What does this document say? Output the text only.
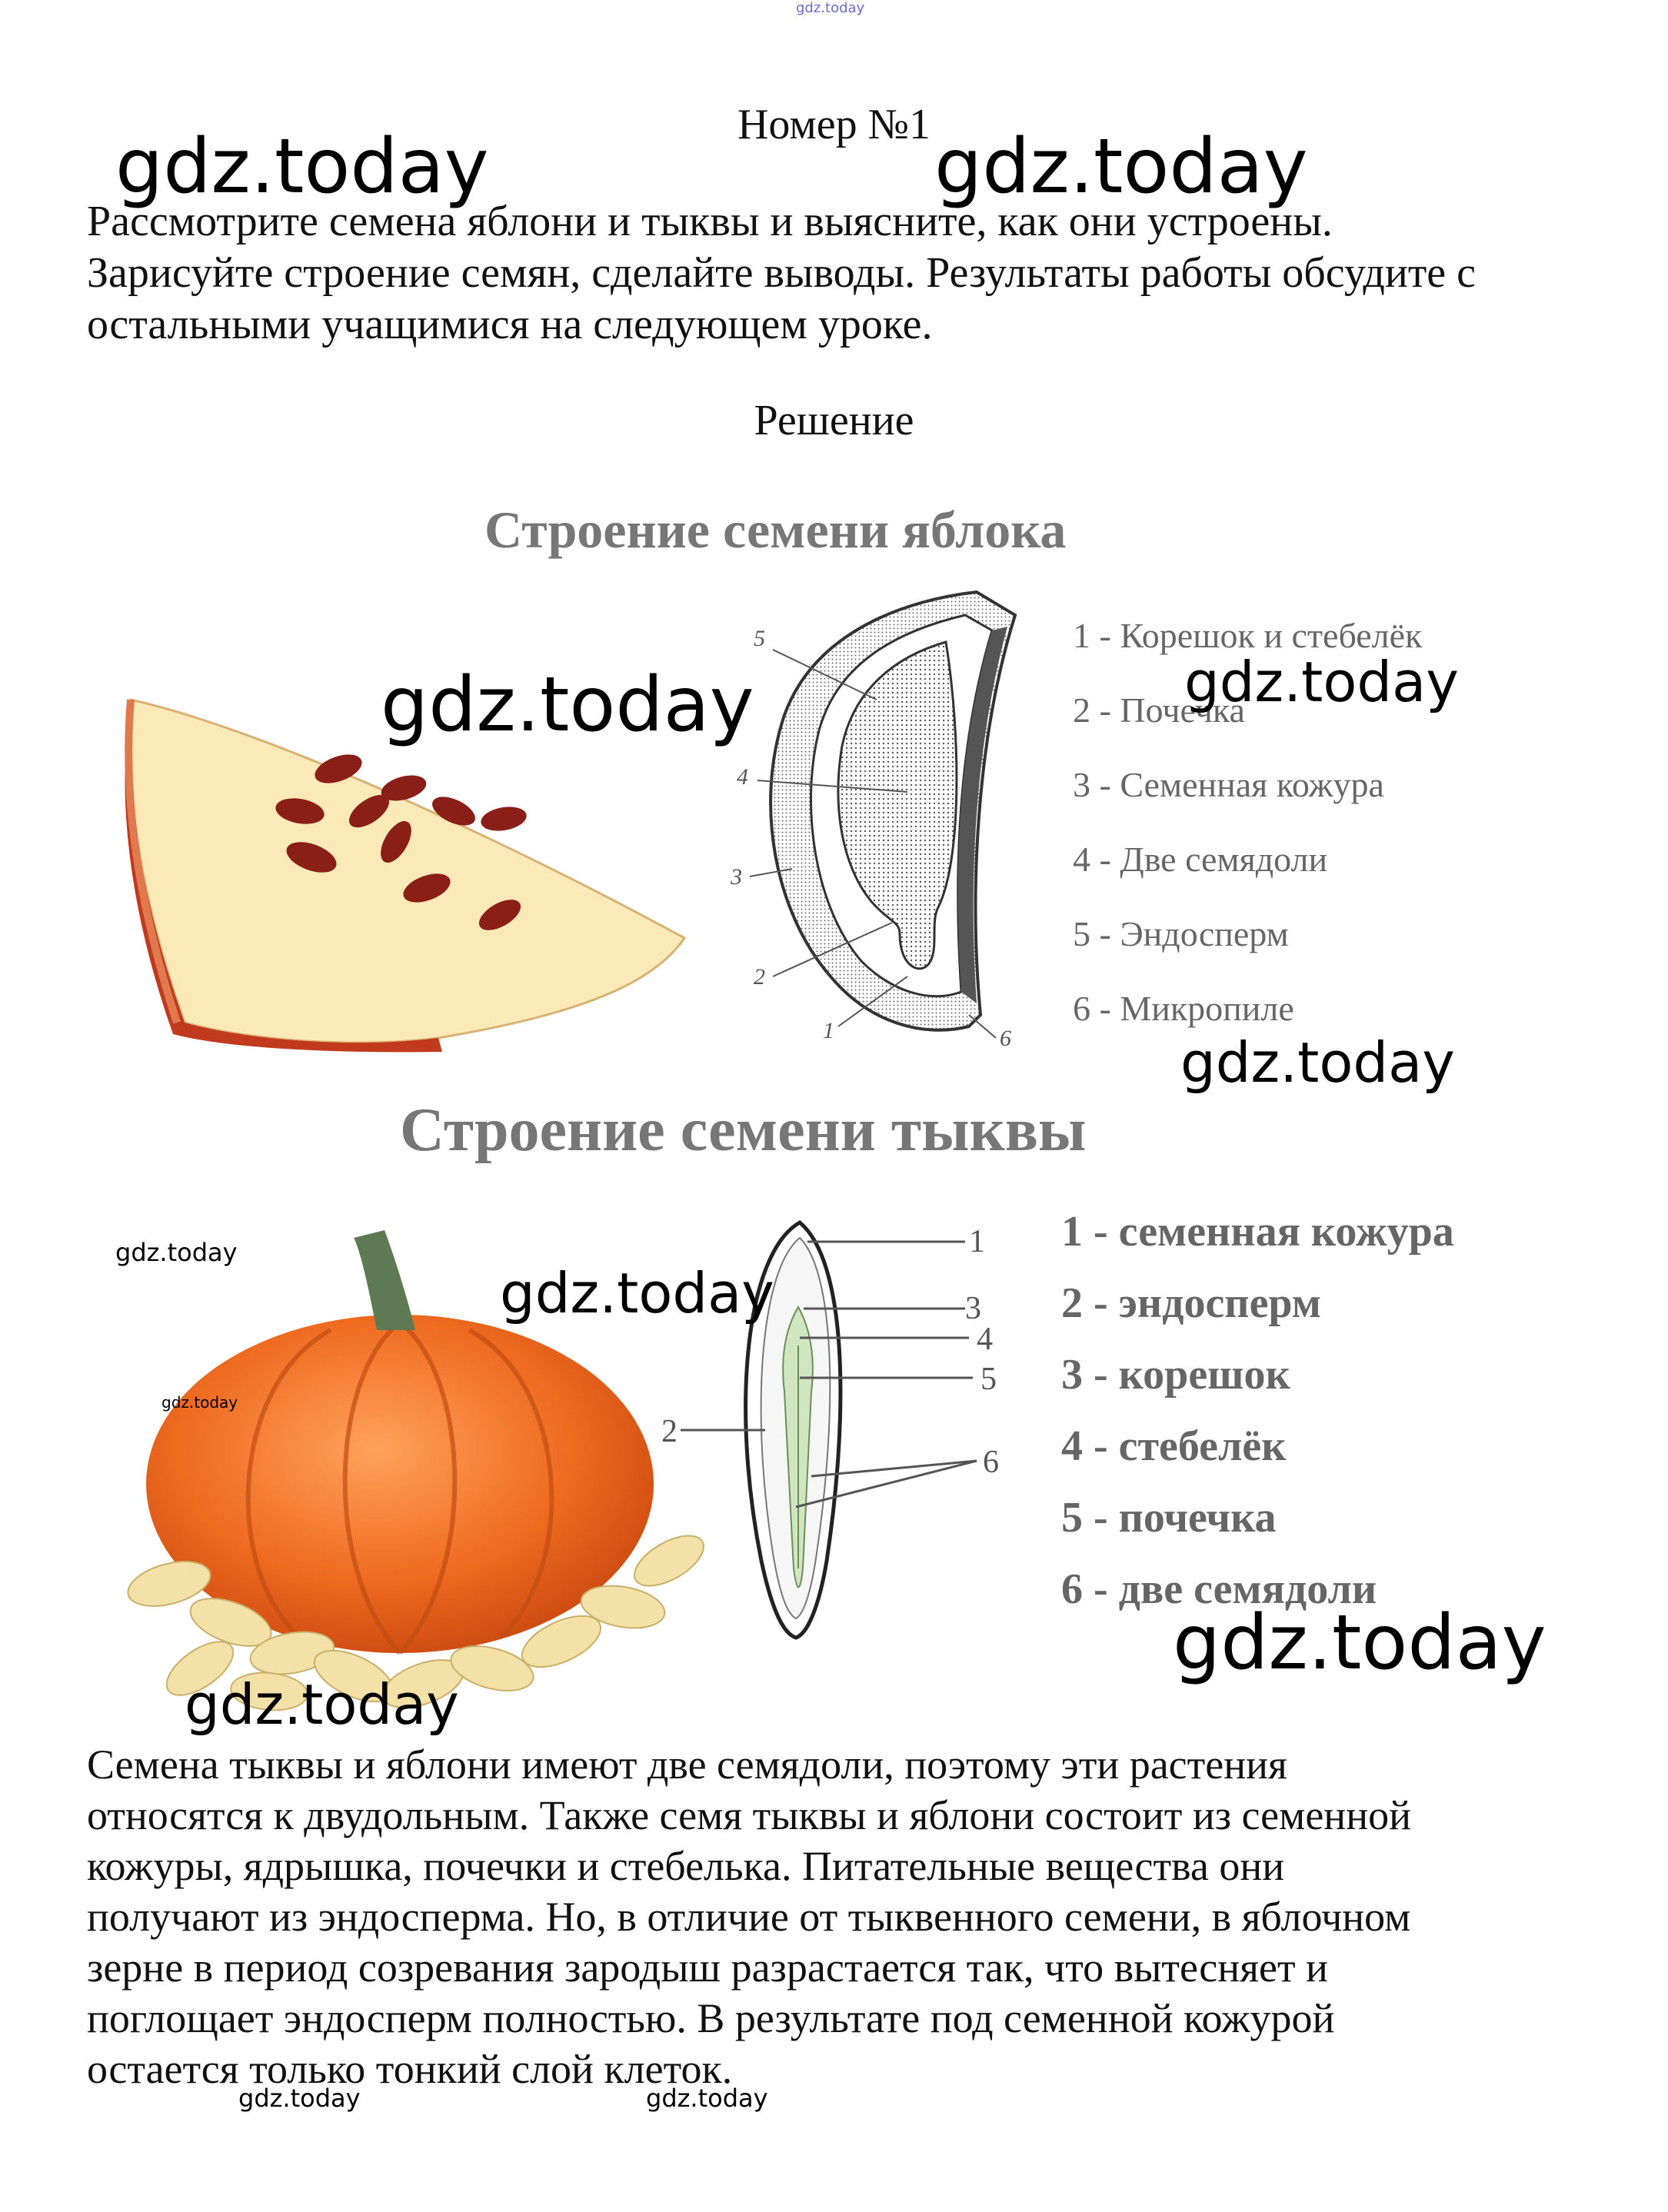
gdz.today
Номер №1
Рассмотрите семена яблони и тыквы и выясните, как они устроены.
Зарисуйте строение семян, сделайте выводы. Результаты работы обсудите с
остальными учащимися на следующем уроке.
Решение
Строение семени яблока
5
4
3
2
1	6
1 - Корешок и стебелёк
2 - Почечка
3 - Семенная кожура
4 - Две семядоли
5 - Эндосперм
6 - Микропиле
Строение семени тыквы
1
2
3
4
5
6
1 - семенная кожура
2 - эндосперм
3 - корешок
4 - стебелёк
5 - почечка
6 - две семядоли
Семена тыквы и яблони имеют две семядоли, поэтому эти растения
относятся к двудольным. Также семя тыквы и яблони состоит из семенной
кожуры, ядрышка, почечки и стебелька. Питательные вещества они
получают из эндосперма. Но, в отличие от тыквенного семени, в яблочном
зерне в период созревания зародыш разрастается так, что вытесняет и
поглощает эндосперм полностью. В результате под семенной кожурой
остается только тонкий слой клеток.
gdz.today	gdz.today
gdz.today	gdz.today
gdz.today
gdz.today
gdz.today
gdz.today
gdz.today
gdz.today
gdz.today	gdz.today
